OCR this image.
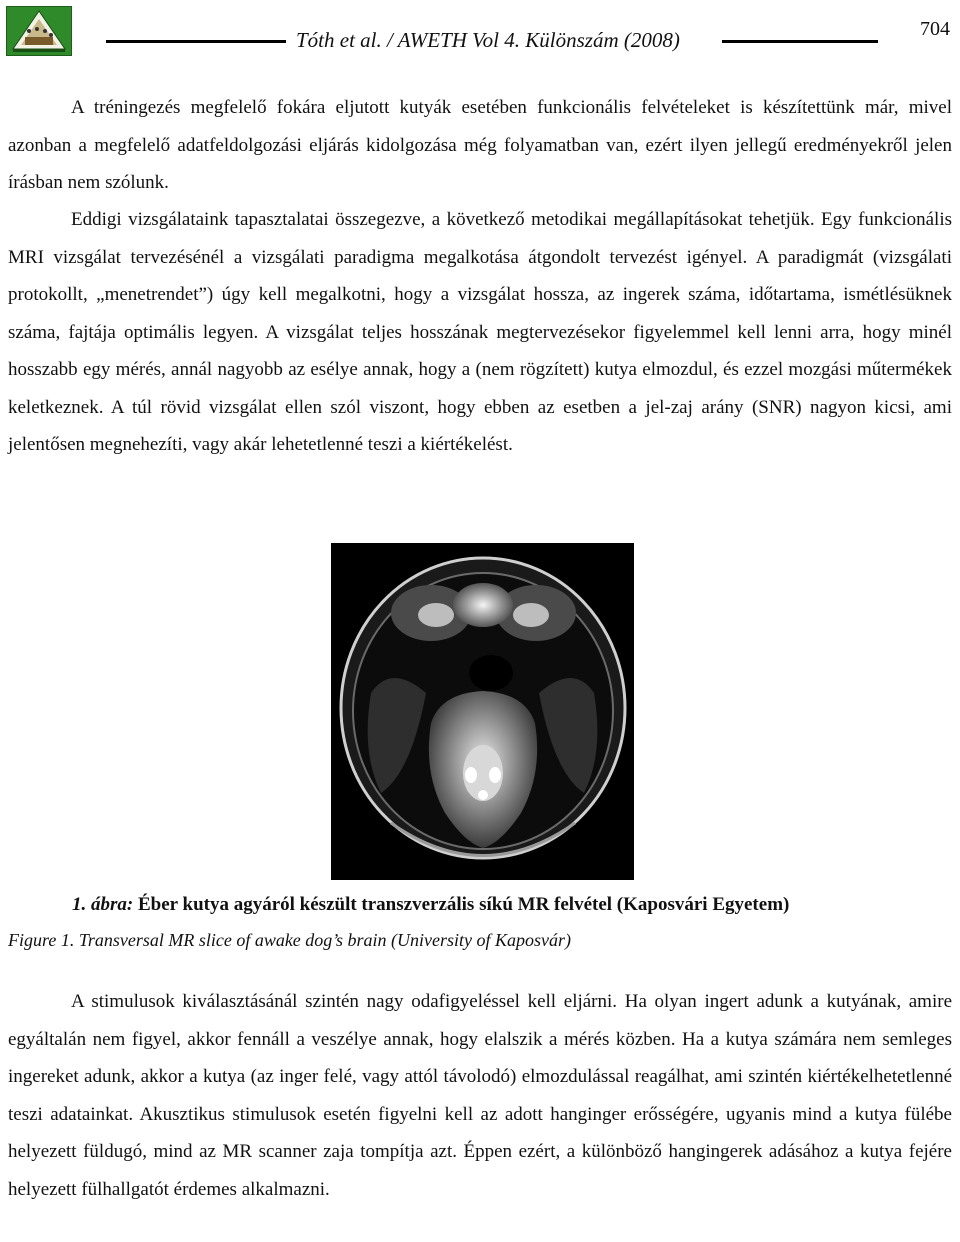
Tóth et al. / AWETH Vol 4. Különszám (2008)	704

A tréningezés megfelelő fokára eljutott kutyák esetében funkcionális felvételeket is készítettünk már, mivel azonban a megfelelő adatfeldolgozási eljárás kidolgozása még folyamatban van, ezért ilyen jellegű eredményekről jelen írásban nem szólunk.

Eddigi vizsgálataink tapasztalatai összegezve, a következő metodikai megállapításokat tehetjük. Egy funkcionális MRI vizsgálat tervezésénél a vizsgálati paradigma megalkotása átgondolt tervezést igényel. A paradigmát (vizsgálati protokollt, „menetrendet”) úgy kell megalkotni, hogy a vizsgálat hossza, az ingerek száma, időtartama, ismétlésüknek száma, fajtája optimális legyen. A vizsgálat teljes hosszának megtervezésekor figyelemmel kell lenni arra, hogy minél hosszabb egy mérés, annál nagyobb az esélye annak, hogy a (nem rögzített) kutya elmozdul, és ezzel mozgási műtermékek keletkeznek. A túl rövid vizsgálat ellen szól viszont, hogy ebben az esetben a jel-zaj arány (SNR) nagyon kicsi, ami jelentősen megnehezíti, vagy akár lehetetlenné teszi a kiértékelést.

1. ábra: Éber kutya agyáról készült transzverzális síkú MR felvétel (Kaposvári Egyetem)
Figure 1. Transversal MR slice of awake dog’s brain (University of Kaposvár)

A stimulusok kiválasztásánál szintén nagy odafigyeléssel kell eljárni. Ha olyan ingert adunk a kutyának, amire egyáltalán nem figyel, akkor fennáll a veszélye annak, hogy elalszik a mérés közben. Ha a kutya számára nem semleges ingereket adunk, akkor a kutya (az inger felé, vagy attól távolodó) elmozdulással reagálhat, ami szintén kiértékelhetetlenné teszi adatainkat. Akusztikus stimulusok esetén figyelni kell az adott hanginger erősségére, ugyanis mind a kutya fülébe helyezett füldugó, mind az MR scanner zaja tompítja azt. Éppen ezért, a különböző hangingerek adásához a kutya fejére helyezett fülhallgatót érdemes alkalmazni.
